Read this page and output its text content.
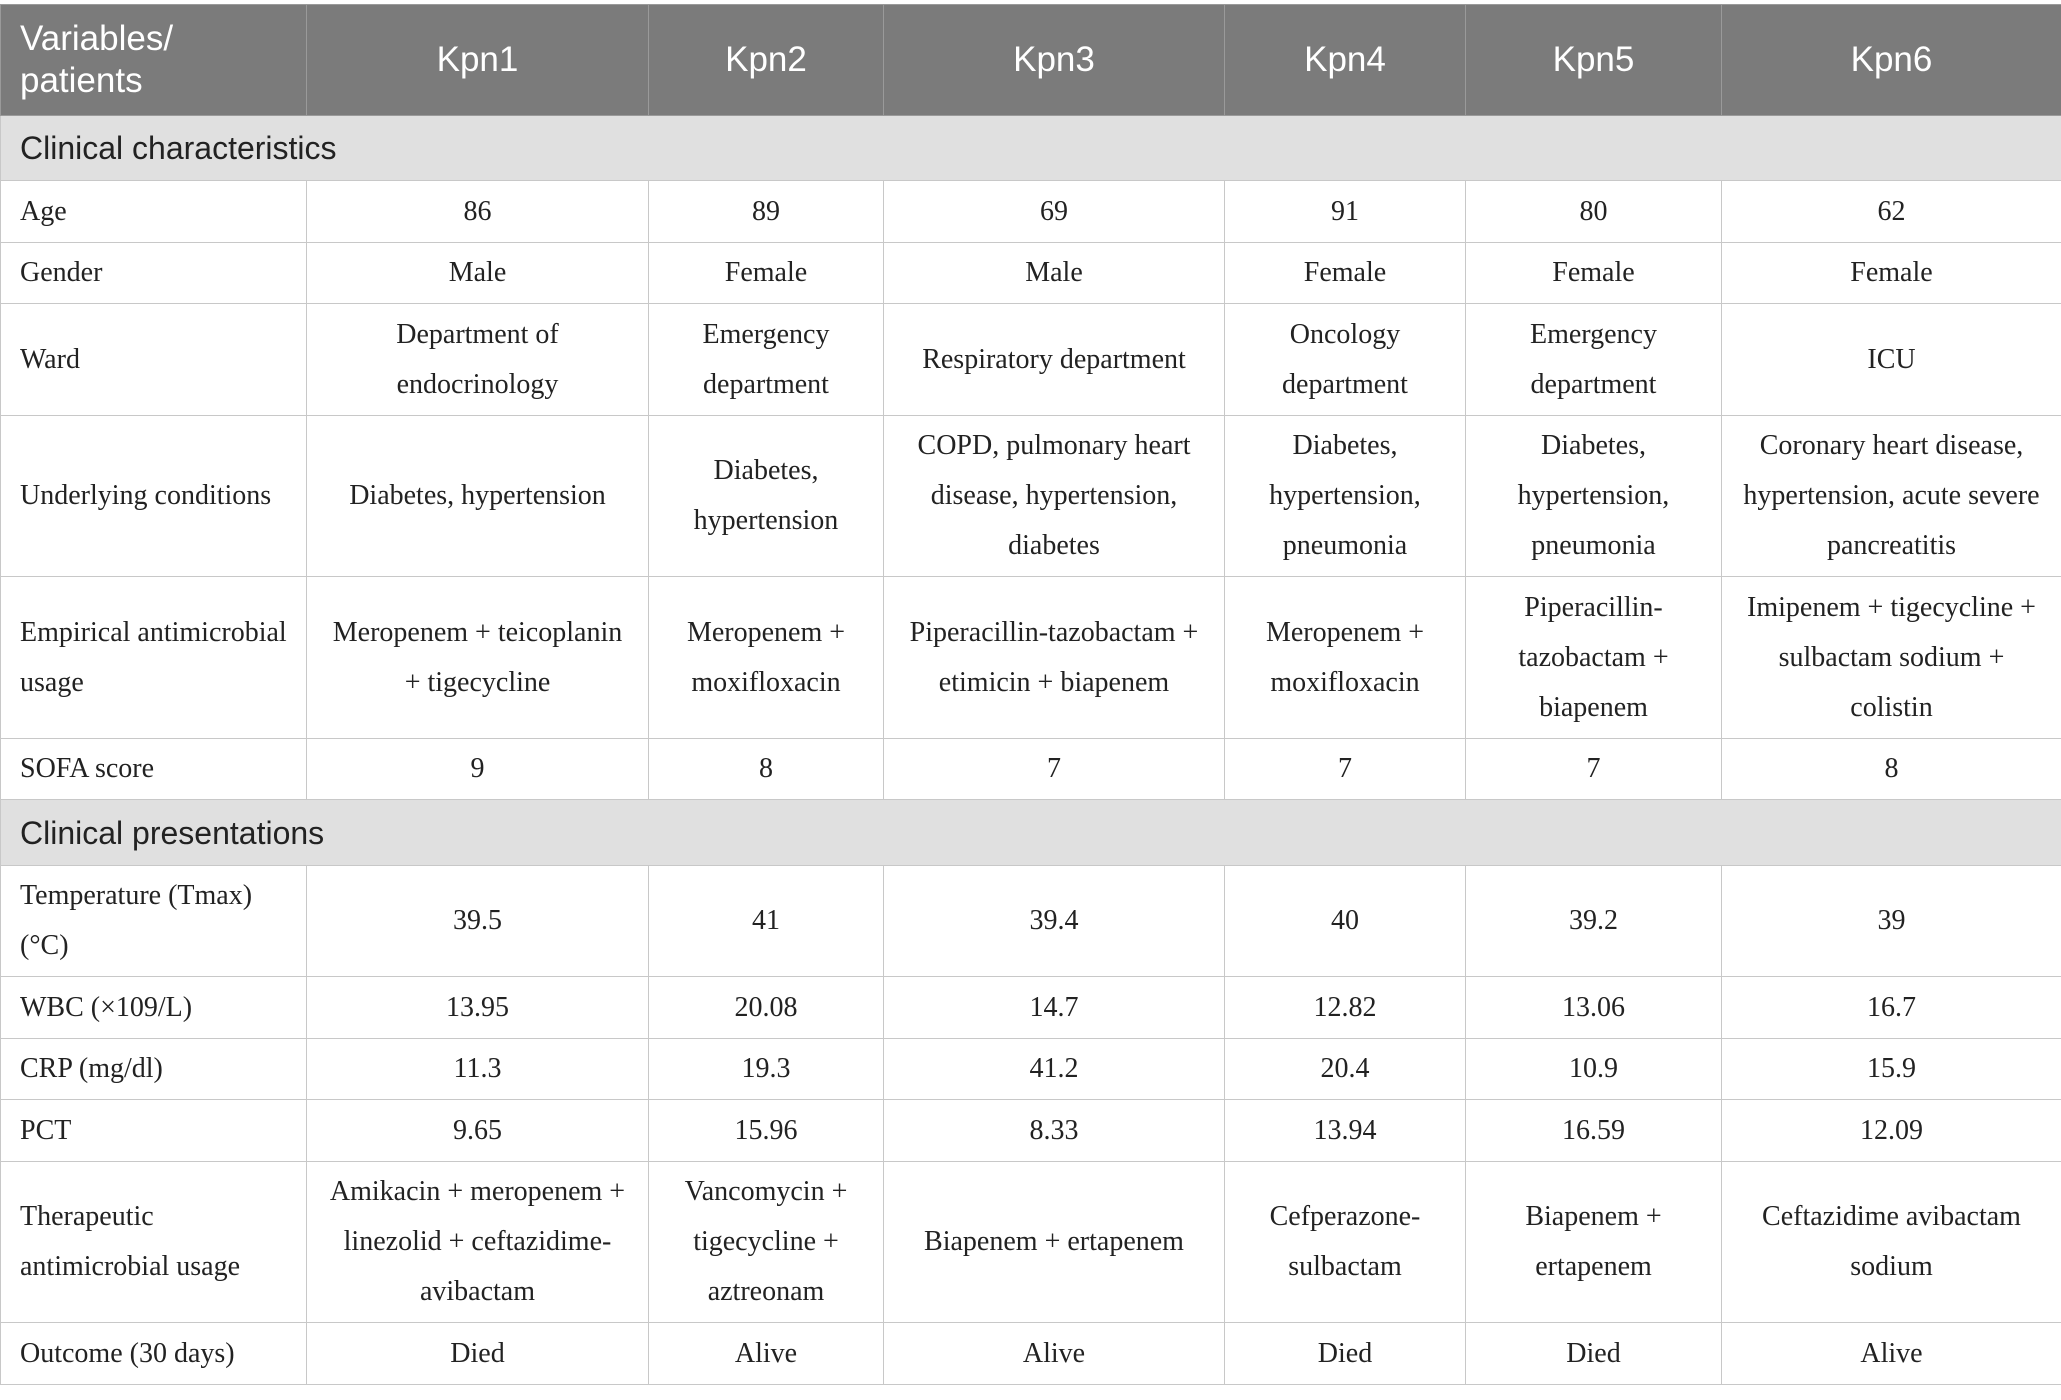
Variables/ patients	Kpn1	Kpn2	Kpn3	Kpn4	Kpn5	Kpn6
Clinical characteristics						
Age	86	89	69	91	80	62
Gender	Male	Female	Male	Female	Female	Female
Ward	Department of endocrinology	Emergency department	Respiratory department	Oncology department	Emergency department	ICU
Underlying conditions	Diabetes, hypertension	Diabetes, hypertension	COPD, pulmonary heart disease, hypertension, diabetes	Diabetes, hypertension, pneumonia	Diabetes, hypertension, pneumonia	Coronary heart disease, hypertension, acute severe pancreatitis
Empirical antimicrobial usage	Meropenem + teicoplanin + tigecycline	Meropenem + moxifloxacin	Piperacillin-tazobactam + etimicin + biapenem	Meropenem + moxifloxacin	Piperacillin-tazobactam + biapenem	Imipenem + tigecycline + sulbactam sodium + colistin
SOFA score	9	8	7	7	7	8
Clinical presentations						
Temperature (Tmax) (°C)	39.5	41	39.4	40	39.2	39
WBC (×109/L)	13.95	20.08	14.7	12.82	13.06	16.7
CRP (mg/dl)	11.3	19.3	41.2	20.4	10.9	15.9
PCT	9.65	15.96	8.33	13.94	16.59	12.09
Therapeutic antimicrobial usage	Amikacin + meropenem + linezolid + ceftazidime-avibactam	Vancomycin + tigecycline + aztreonam	Biapenem + ertapenem	Cefperazone-sulbactam	Biapenem + ertapenem	Ceftazidime avibactam sodium
Outcome (30 days)	Died	Alive	Alive	Died	Died	Alive
